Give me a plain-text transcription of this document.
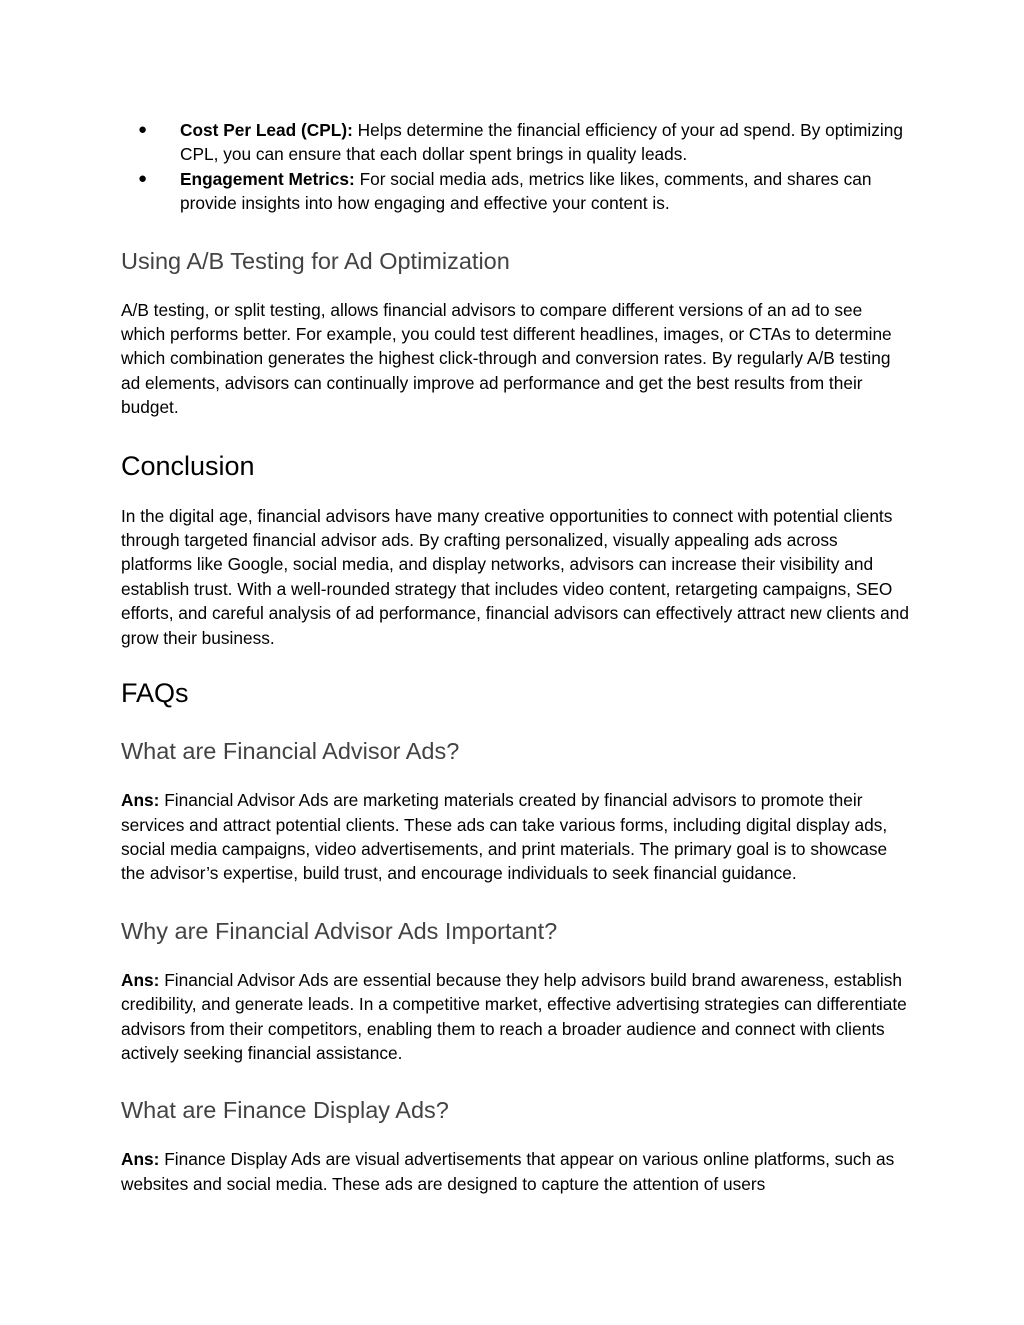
● Cost Per Lead (CPL): Helps determine the financial efficiency of your ad spend. By optimizing CPL, you can ensure that each dollar spent brings in quality leads.
● Engagement Metrics: For social media ads, metrics like likes, comments, and shares can provide insights into how engaging and effective your content is.
Using A/B Testing for Ad Optimization

A/B testing, or split testing, allows financial advisors to compare different versions of an ad to see which performs better. For example, you could test different headlines, images, or CTAs to determine which combination generates the highest click-through and conversion rates. By regularly A/B testing ad elements, advisors can continually improve ad performance and get the best results from their budget.

Conclusion

In the digital age, financial advisors have many creative opportunities to connect with potential clients through targeted financial advisor ads. By crafting personalized, visually appealing ads across platforms like Google, social media, and display networks, advisors can increase their visibility and establish trust. With a well-rounded strategy that includes video content, retargeting campaigns, SEO efforts, and careful analysis of ad performance, financial advisors can effectively attract new clients and grow their business.

FAQs
What are Financial Advisor Ads?

Ans: Financial Advisor Ads are marketing materials created by financial advisors to promote their services and attract potential clients. These ads can take various forms, including digital display ads, social media campaigns, video advertisements, and print materials. The primary goal is to showcase the advisor’s expertise, build trust, and encourage individuals to seek financial guidance.

Why are Financial Advisor Ads Important?

Ans: Financial Advisor Ads are essential because they help advisors build brand awareness, establish credibility, and generate leads. In a competitive market, effective advertising strategies can differentiate advisors from their competitors, enabling them to reach a broader audience and connect with clients actively seeking financial assistance.

What are Finance Display Ads?

Ans: Finance Display Ads are visual advertisements that appear on various online platforms, such as websites and social media. These ads are designed to capture the attention of users
